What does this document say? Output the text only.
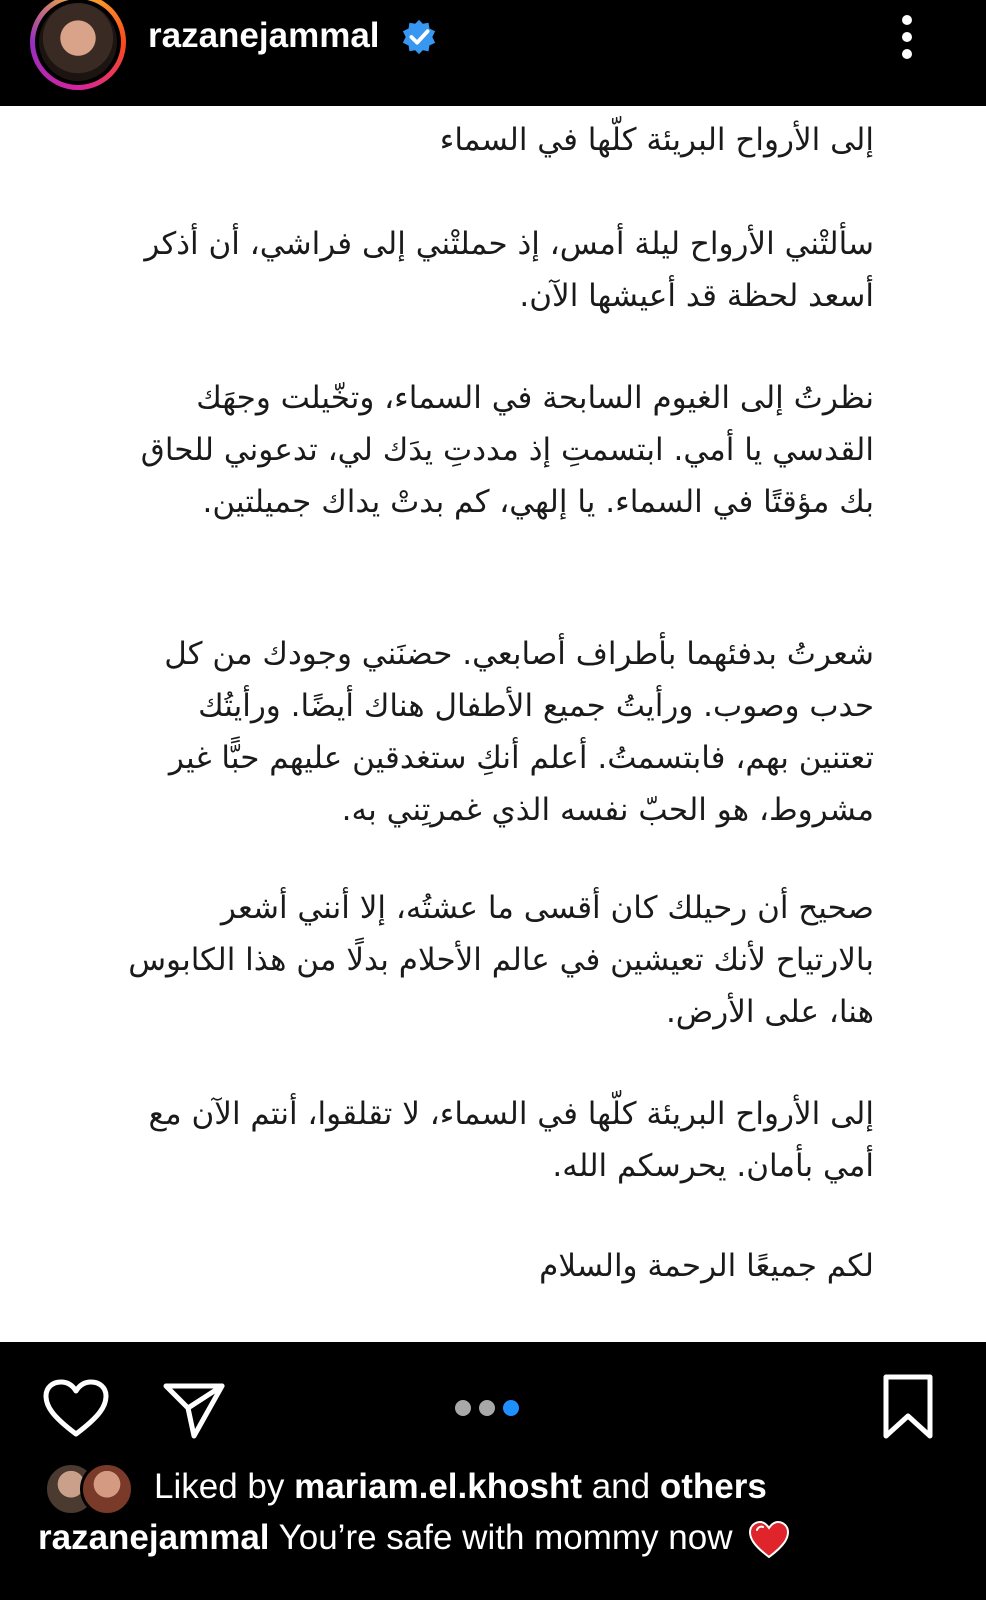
razanejammal

إلى الأرواح البريئة كلّها في السماء

سألتْني الأرواح ليلة أمس، إذ حملتْني إلى فراشي، أن أذكر أسعد لحظة قد أعيشها الآن.

نظرتُ إلى الغيوم السابحة في السماء، وتخّيلت وجهَك القدسي يا أمي. ابتسمتِ إذ مددتِ يدَك لي، تدعوني للحاق بك مؤقتًا في السماء. يا إلهي، كم بدتْ يداك جميلتين.

شعرتُ بدفئهما بأطراف أصابعي. حضنَني وجودك من كل حدب وصوب. ورأيتُ جميع الأطفال هناك أيضًا. ورأيتُك تعتنين بهم، فابتسمتُ. أعلم أنكِ ستغدقين عليهم حبًّا غير مشروط، هو الحبّ نفسه الذي غمرتِني به.

صحيح أن رحيلك كان أقسى ما عشتُه، إلا أنني أشعر بالارتياح لأنك تعيشين في عالم الأحلام بدلًا من هذا الكابوس هنا، على الأرض.

إلى الأرواح البريئة كلّها في السماء، لا تقلقوا، أنتم الآن مع أمي بأمان. يحرسكم الله.

لكم جميعًا الرحمة والسلام

Liked by mariam.el.khosht and others
razanejammal You’re safe with mommy now
